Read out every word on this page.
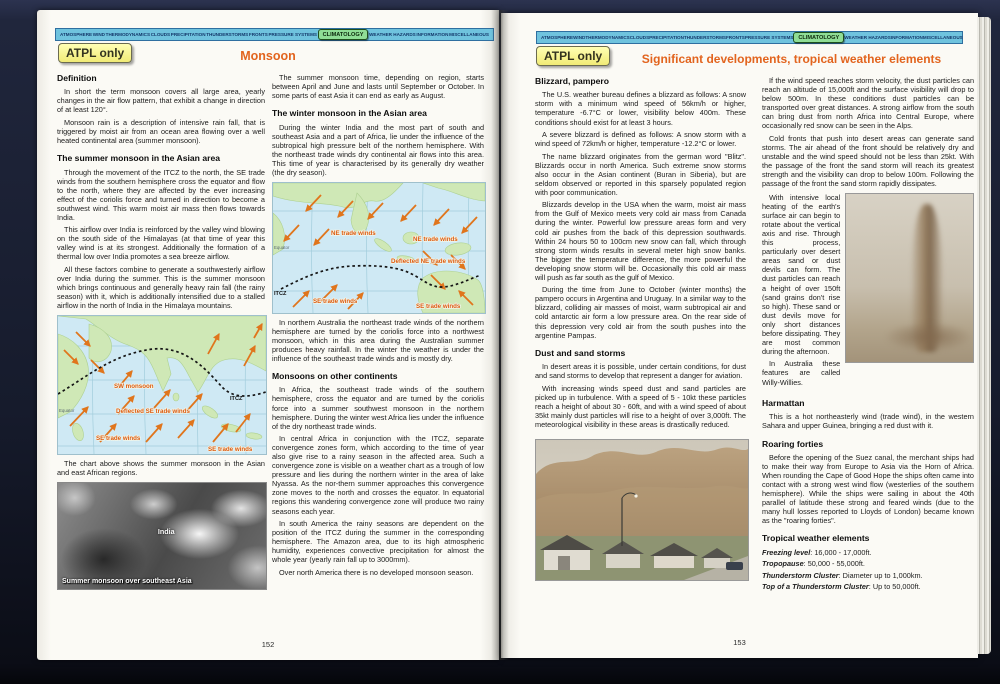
ATMOSPHERE WIND THERMODYNAMICS CLOUDS PRECIPITATION THUNDERSTORMS FRONTS PRESSURE SYSTEMS	CLIMATOLOGY	WEATHER HAZARDS INFORMATION MISCELLANEOUS
ATPL only	Monsoon
Definition

In short the term monsoon covers all large area, yearly changes in the air flow pattern, that exhibit a change in direction of at least 120°.

Monsoon rain is a description of intensive rain fall, that is triggered by moist air from an ocean area flowing over a well heated continental area (summer monsoon).

The summer monsoon in the Asian area

Through the movement of the ITCZ to the north, the SE trade winds from the southern hemisphere cross the equator and flow to the north, where they are affected by the ever increasing effect of the coriolis force and turned in direction to become a southwest wind. This warm moist air mass then flows towards India.

This airflow over India is reinforced by the valley wind blowing on the south side of the Himalayas (at that time of year this valley wind is at its strongest. Additionally the formation of a thermal low over India promotes a sea breeze airflow.

All these factors combine to generate a southwesterly airflow over India during the summer. This is the summer monsoon which brings continuous and generally heavy rain fall (the rainy season) with it, which is additionally intensified due to a stalled airflow in the north of India in the Himalaya mountains.

SW monsoon
Deflected SE trade winds
SE trade winds
SE trade winds
ITCZ
Equator

The chart above shows the summer monsoon in the Asian and east African regions.

India
Summer monsoon over southeast Asia

The summer monsoon time, depending on region, starts between April and June and lasts until September or October. In some parts of east Asia it can end as early as August.

The winter monsoon in the Asian area

During the winter India and the most part of south and southeast Asia and a part of Africa, lie under the influence of the subtropical high pressure belt of the northern hemisphere. With the northeast trade winds dry continental air flows into this area. This time of year is characterised by its generally dry weather (the dry season).

NE trade winds
NE trade winds
Deflected NE trade winds
SE trade winds
SE trade winds
ITCZ
Equator

In northern Australia the northeast trade winds of the northern hemisphere are turned by the coriolis force into a northwest monsoon, which in this area during the Australian summer produces heavy rainfall. In the winter the weather is under the influence of the southeast trade winds and is mostly dry.

Monsoons on other continents

In Africa, the southeast trade winds of the southern hemisphere, cross the equator and are turned by the coriolis force into a summer southwest monsoon in the northern hemisphere. During the winter west Africa lies under the influence of the dry northeast trade winds.

In central Africa in conjunction with the ITCZ, separate convergence zones form, which according to the time of year also give rise to a rainy season in the affected area. Such a convergence zone is visible on a weather chart as a trough of low pressure and lies during the northern winter in the area of lake Nyassa. As the nor-thern summer approaches this convergence zone moves to the north and crosses the equator. In equatorial regions this wandering convergence zone will produce two rainy seasons each year.

In south America the rainy seasons are dependent on the position of the ITCZ during the summer in the corresponding hemisphere. The Amazon area, due to its high atmospheric humidity, experiences convective precipitation for almost the whole year (yearly rain fall up to 3000mm).

Over north America there is no developed monsoon season.

152
ATMOSPHERE WIND THERMODYNAMICS CLOUDS PRECIPITATION THUNDERSTORMS FRONTS PRESSURE SYSTEMS CLIMATOLOGY	WEATHER HAZARDS INFORMATION MISCELLANEOUS
ATPL only	Significant developments, tropical weather elements
Blizzard, pampero

The U.S. weather bureau defines a blizzard as follows: A snow storm with a minimum wind speed of 56km/h or higher, temperature -6.7°C or lower, visibility below 400m. These conditions should exist for at least 3 hours.

A severe blizzard is defined as follows: A snow storm with a wind speed of 72km/h or higher, temperature -12.2°C or lower.

The name blizzard originates from the german word "Blitz". Blizzards occur in north America. Such extreme snow storms also occur in the Asian continent (Buran in Siberia), but are seldom observed or reported in this sparsely populated region with poor communication.

Blizzards develop in the USA when the warm, moist air mass from the Gulf of Mexico meets very cold air mass from Canada during the winter. Powerful low pressure areas form and very cold air pushes from the back of this depression southwards. Within 24 hours 50 to 100cm new snow can fall, which through strong storm winds results in several meter high snow banks. The bigger the temperature difference, the more powerful the developing snow storm will be. Occasionally this cold air mass will push as far south as the gulf of Mexico.

During the time from June to October (winter months) the pampero occurs in Argentina and Uruguay. In a similar way to the blizzard, colliding air masses of moist, warm subtropical air and cold antarctic air form a low pressure area. On the rear side of this depression very cold air from the south pushes into the argentine Pampas.

Dust and sand storms

In desert areas it is possible, under certain conditions, for dust and sand storms to develop that represent a danger for aviation.

With increasing winds speed dust and sand particles are picked up in turbulence. With a speed of 5 - 10kt these particles reach a height of about 30 - 60ft, and with a wind speed of about 35kt mainly dust particles will rise to a height of over 3,000ft. The meteorological visibility in these areas is drastically reduced.

If the wind speed reaches storm velocity, the dust particles can reach an altitude of 15,000ft and the surface visibility will drop to below 500m. In these conditions dust particles can be transported over great distances. A strong airflow from the south can bring dust from north Africa into Central Europe, where occasionally red snow can be seen in the Alps.

Cold fronts that push into desert areas can generate sand storms. The air ahead of the front should be relatively dry and unstable and the wind speed should not be less than 25kt. With the passage of the front the sand storm will reach its greatest strength and the visibility can drop to below 100m. Following the passage of the front the sand storm rapidly dissipates.

With intensive local heating of the earth's surface air can begin to rotate about the vertical axis and rise. Through this process, particularly over desert areas sand or dust devils can form. The dust particles can reach a height of over 150ft (sand grains don't rise so high). These sand or dust devils move for only short distances before dissipating. They are most common during the afternoon.

In Australia these features are called Willy-Willies.

Harmattan

This is a hot northeasterly wind (trade wind), in the western Sahara and upper Guinea, bringing a red dust with it.

Roaring forties

Before the opening of the Suez canal, the merchant ships had to make their way from Europe to Asia via the Horn of Africa. When rounding the Cape of Good Hope the ships often came into contact with a strong west wind flow (westerlies of the southern hemisphere). While the ships were sailing in about the 40th parallel of latitude these strong and feared winds (due to the many hull losses reported to Lloyds of London) became known as the "roaring forties".

Tropical weather elements
Freezing level: 16,000 - 17,000ft.
Tropopause: 50,000 - 55,000ft.
Thunderstorm Cluster: Diameter up to 1,000km.
Top of a Thunderstorm Cluster: Up to 50,000ft.
153
